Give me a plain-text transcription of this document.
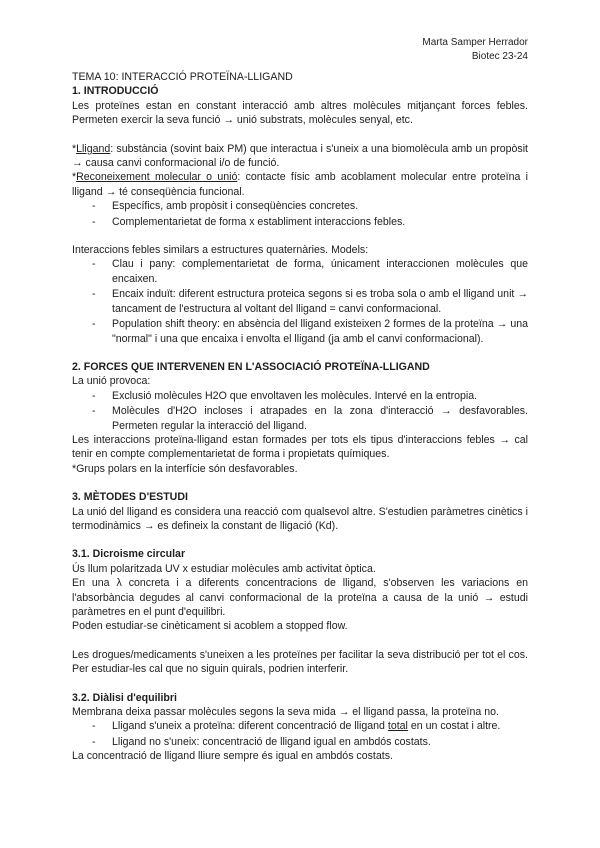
Marta Samper Herrador
Biotec 23-24

TEMA 10: INTERACCIÓ PROTEÏNA-LLIGAND

1. INTRODUCCIÓ

Les proteïnes estan en constant interacció amb altres molècules mitjançant forces febles. Permeten exercir la seva funció → unió substrats, molècules senyal, etc.

*Lligand: substància (sovint baix PM) que interactua i s'uneix a una biomolècula amb un propòsit → causa canvi conformacional i/o de funció.

*Reconeixement molecular o unió: contacte físic amb acoblament molecular entre proteïna i lligand → té conseqüència funcional.

- Específics, amb propòsit i conseqüències concretes.
- Complementarietat de forma x establiment interaccions febles.

Interaccions febles similars a estructures quaternàries. Models:

- Clau i pany: complementarietat de forma, únicament interaccionen molècules que encaixen.
- Encaix induït: diferent estructura proteica segons si es troba sola o amb el lligand unit → tancament de l'estructura al voltant del lligand = canvi conformacional.
- Population shift theory: en absència del lligand existeixen 2 formes de la proteïna → una "normal" i una que encaixa i envolta el lligand (ja amb el canvi conformacional).

2. FORCES QUE INTERVENEN EN L'ASSOCIACIÓ PROTEÏNA-LLIGAND

La unió provoca:

- Exclusió molècules H2O que envoltaven les molècules. Intervé en la entropia.
- Molècules d'H2O incloses i atrapades en la zona d'interacció → desfavorables. Permeten regular la interacció del lligand.

Les interaccions proteïna-lligand estan formades per tots els tipus d'interaccions febles → cal tenir en compte complementarietat de forma i propietats químiques.

*Grups polars en la interfície són desfavorables.

3. MÈTODES D'ESTUDI

La unió del lligand es considera una reacció com qualsevol altre. S'estudien paràmetres cinètics i termodinàmics → es defineix la constant de lligació (Kd).

3.1. Dicroisme circular

Ús llum polaritzada UV x estudiar molècules amb activitat òptica.

En una λ concreta i a diferents concentracions de lligand, s'observen les variacions en l'absorbància degudes al canvi conformacional de la proteïna a causa de la unió → estudi paràmetres en el punt d'equilibri.

Poden estudiar-se cinèticament si acoblem a stopped flow.

Les drogues/medicaments s'uneixen a les proteïnes per facilitar la seva distribució per tot el cos. Per estudiar-les cal que no siguin quirals, podrien interferir.

3.2. Diàlisi d'equilibri

Membrana deixa passar molècules segons la seva mida → el lligand passa, la proteïna no.

- Lligand s'uneix a proteïna: diferent concentració de lligand total en un costat i altre.
- Lligand no s'uneix: concentració de lligand igual en ambdós costats.

La concentració de lligand lliure sempre és igual en ambdós costats.
